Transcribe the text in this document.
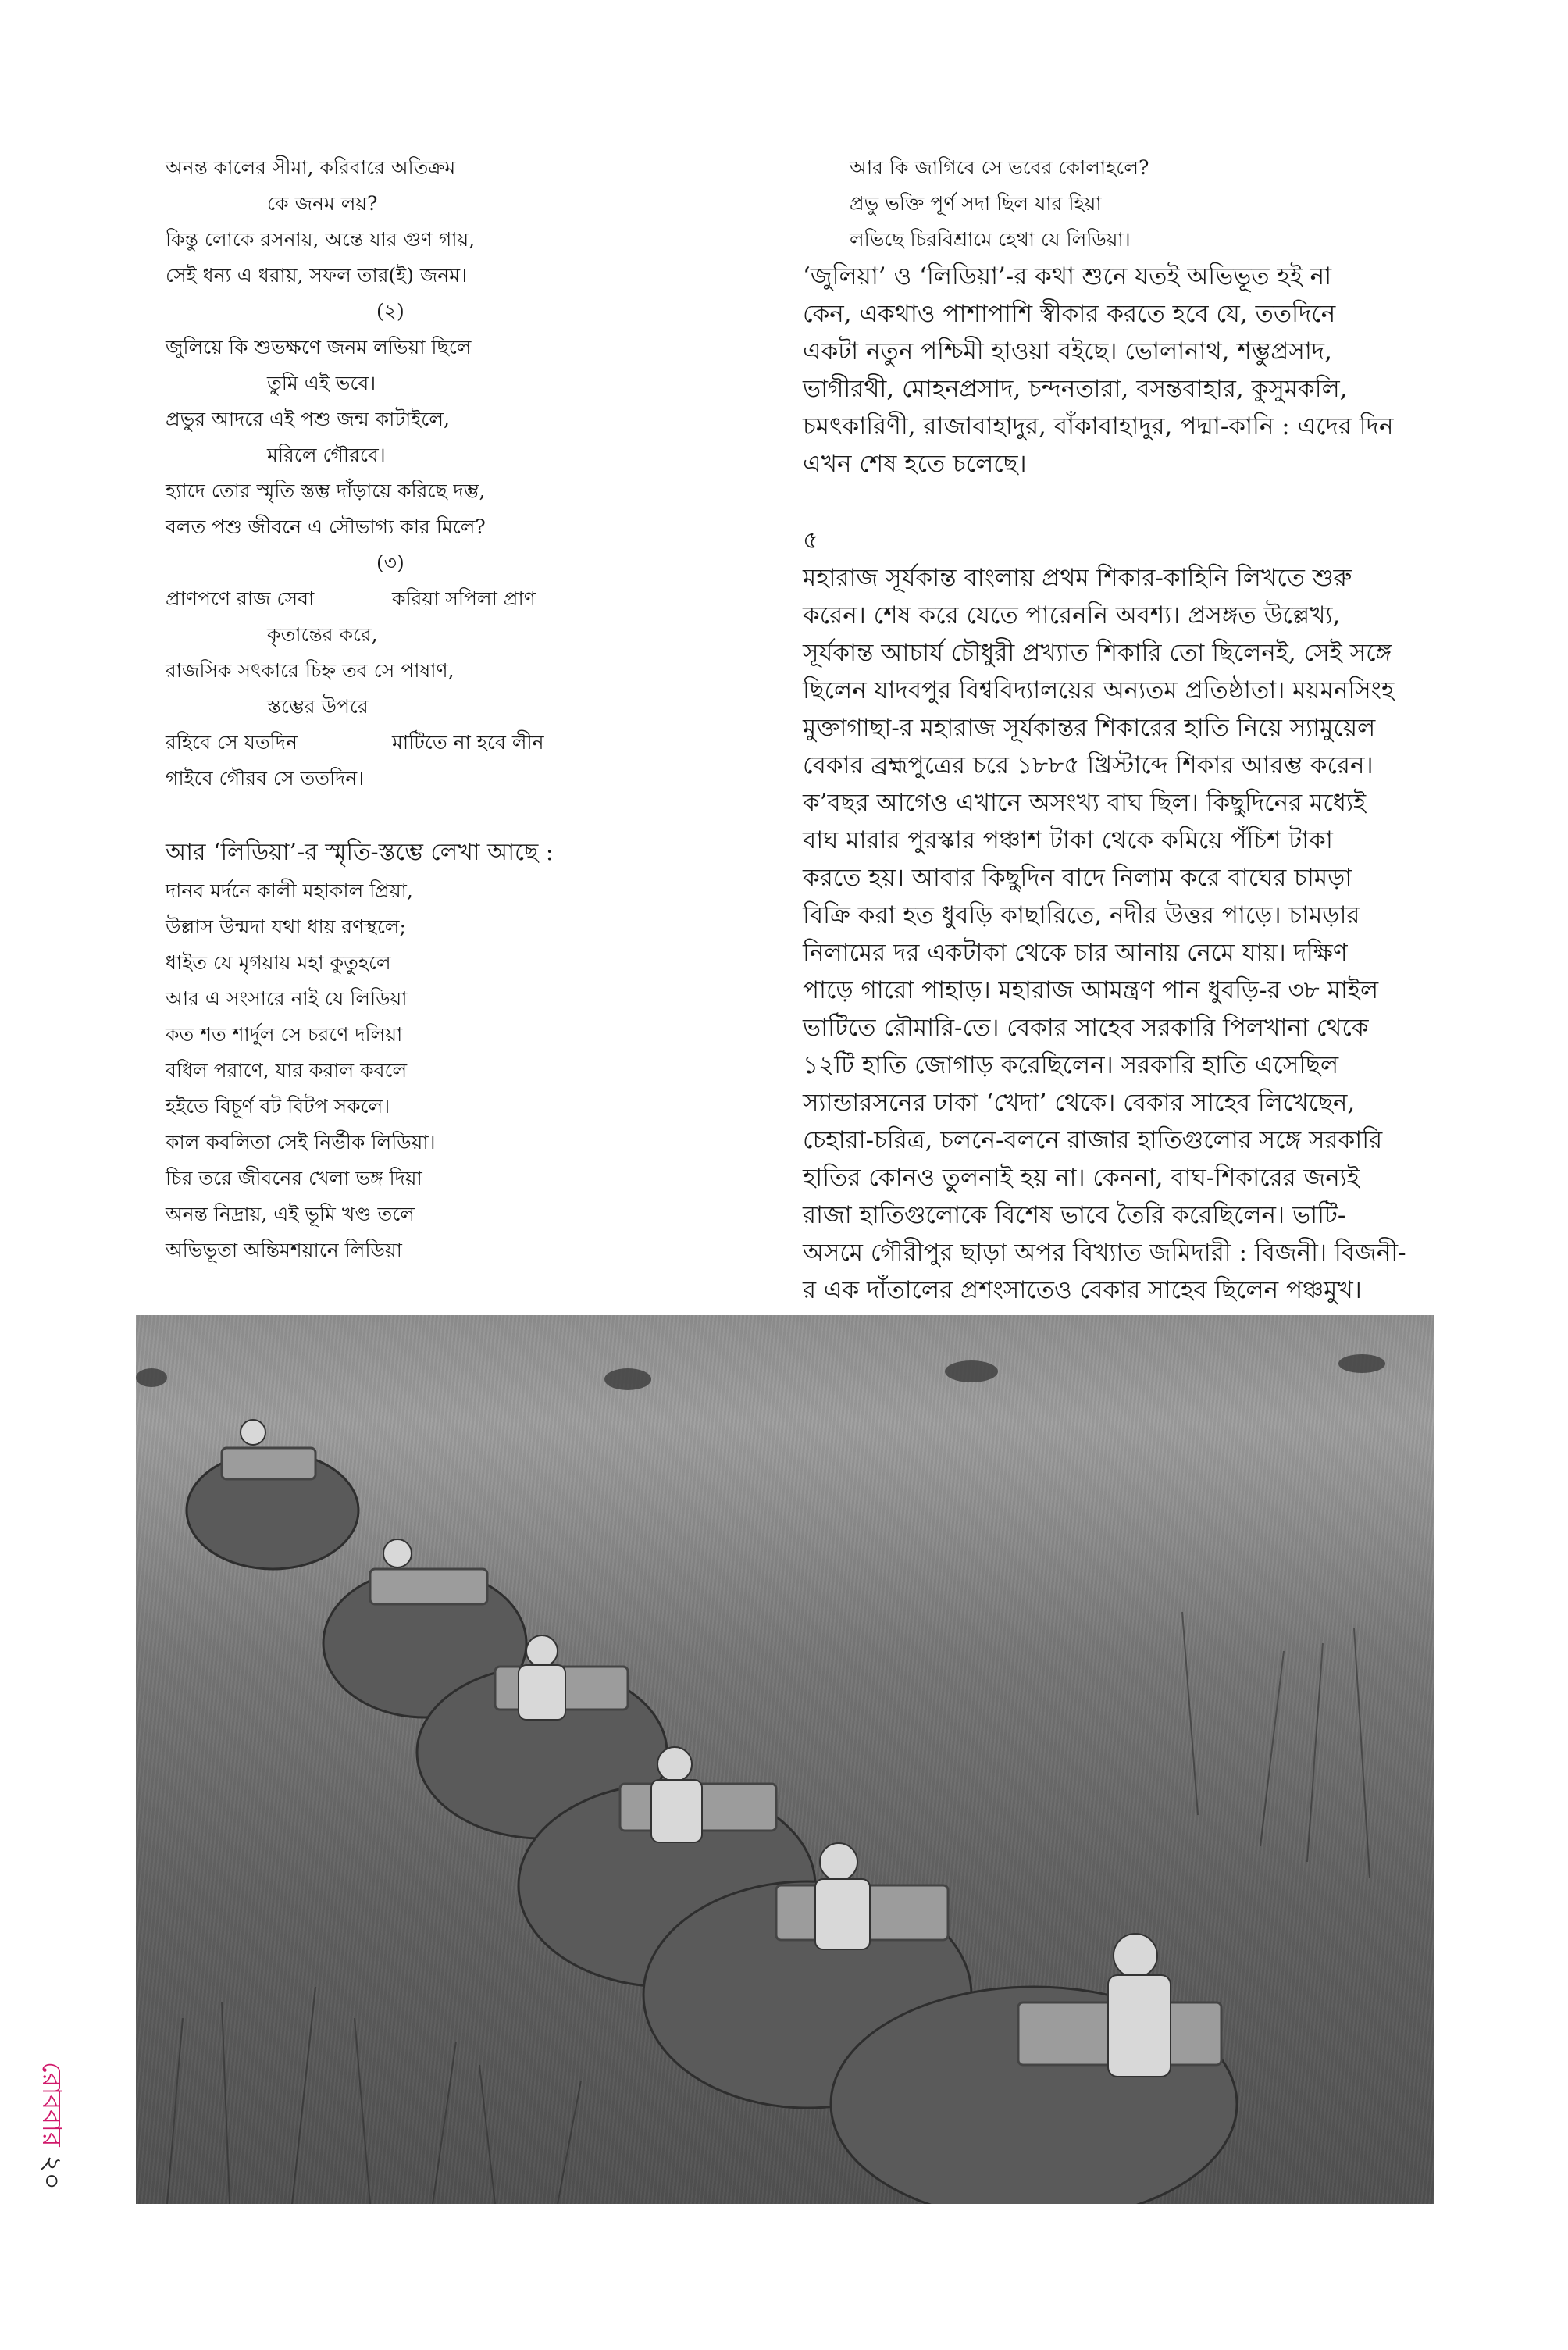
অনন্ত কালের সীমা, করিবারে অতিক্রম
কে জনম লয়?
কিন্তু লোকে রসনায়, অন্তে যার গুণ গায়,
সেই ধন্য এ ধরায়, সফল তার(ই) জনম।
(২)
জুলিয়ে কি শুভক্ষণে জনম লভিয়া ছিলে
তুমি এই ভবে।
প্রভুর আদরে এই পশু জন্ম কাটাইলে,
মরিলে গৌরবে।
হ্যাদে তোর স্মৃতি স্তম্ভ দাঁড়ায়ে করিছে দম্ভ,
বলত পশু জীবনে এ সৌভাগ্য কার মিলে?
(৩)
প্রাণপণে রাজ সেবা	করিয়া সপিলা প্রাণ
কৃতান্তের করে,
রাজসিক সৎকারে চিহ্ন তব সে পাষাণ,
স্তম্ভের উপরে
রহিবে সে যতদিন	মাটিতে না হবে লীন
গাইবে গৌরব সে ততদিন।
আর ‘লিডিয়া’-র স্মৃতি-স্তম্ভে লেখা আছে :
দানব মর্দনে কালী মহাকাল প্রিয়া,
উল্লাস উন্মদা যথা ধায় রণস্থলে;
ধাইত যে মৃগয়ায় মহা কুতুহলে
আর এ সংসারে নাই যে লিডিয়া
কত শত শার্দুল সে চরণে দলিয়া
বধিল পরাণে, যার করাল কবলে
হইতে বিচূর্ণ বট বিটপ সকলে।
কাল কবলিতা সেই নির্ভীক লিডিয়া।
চির তরে জীবনের খেলা ভঙ্গ দিয়া
অনন্ত নিদ্রায়, এই ভূমি খণ্ড তলে
অভিভূতা অন্তিমশয়ানে লিডিয়া
আর কি জাগিবে সে ভবের কোলাহলে?
প্রভু ভক্তি পূর্ণ সদা ছিল যার হিয়া
লভিছে চিরবিশ্রামে হেথা যে লিডিয়া।
‘জুলিয়া’ ও ‘লিডিয়া’-র কথা শুনে যতই অভিভূত হই না
কেন, একথাও পাশাপাশি স্বীকার করতে হবে যে, ততদিনে
একটা নতুন পশ্চিমী হাওয়া বইছে। ভোলানাথ, শম্ভুপ্রসাদ,
ভাগীরথী, মোহনপ্রসাদ, চন্দনতারা, বসন্তবাহার, কুসুমকলি,
চমৎকারিণী, রাজাবাহাদুর, বাঁকাবাহাদুর, পদ্মা-কানি : এদের দিন
এখন শেষ হতে চলেছে।
৫
মহারাজ সূর্যকান্ত বাংলায় প্রথম শিকার-কাহিনি লিখতে শুরু
করেন। শেষ করে যেতে পারেননি অবশ্য। প্রসঙ্গত উল্লেখ্য,
সূর্যকান্ত আচার্য চৌধুরী প্রখ্যাত শিকারি তো ছিলেনই, সেই সঙ্গে
ছিলেন যাদবপুর বিশ্ববিদ্যালয়ের অন্যতম প্রতিষ্ঠাতা। ময়মনসিংহ
মুক্তাগাছা-র মহারাজ সূর্যকান্তর শিকারের হাতি নিয়ে স্যামুয়েল
বেকার ব্রহ্মপুত্রের চরে ১৮৮৫ খ্রিস্টাব্দে শিকার আরম্ভ করেন।
ক’বছর আগেও এখানে অসংখ্য বাঘ ছিল। কিছুদিনের মধ্যেই
বাঘ মারার পুরস্কার পঞ্চাশ টাকা থেকে কমিয়ে পঁচিশ টাকা
করতে হয়। আবার কিছুদিন বাদে নিলাম করে বাঘের চামড়া
বিক্রি করা হত ধুবড়ি কাছারিতে, নদীর উত্তর পাড়ে। চামড়ার
নিলামের দর একটাকা থেকে চার আনায় নেমে যায়। দক্ষিণ
পাড়ে গারো পাহাড়। মহারাজ আমন্ত্রণ পান ধুবড়ি-র ৩৮ মাইল
ভাটিতে রৌমারি-তে। বেকার সাহেব সরকারি পিলখানা থেকে
১২টি হাতি জোগাড় করেছিলেন। সরকারি হাতি এসেছিল
স্যান্ডারসনের ঢাকা ‘খেদা’ থেকে। বেকার সাহেব লিখেছেন,
চেহারা-চরিত্র, চলনে-বলনে রাজার হাতিগুলোর সঙ্গে সরকারি
হাতির কোনও তুলনাই হয় না। কেননা, বাঘ-শিকারের জন্যই
রাজা হাতিগুলোকে বিশেষ ভাবে তৈরি করেছিলেন। ভাটি-
অসমে গৌরীপুর ছাড়া অপর বিখ্যাত জমিদারী : বিজনী। বিজনী-
র এক দাঁতালের প্রশংসাতেও বেকার সাহেব ছিলেন পঞ্চমুখ।
রোববার ২০
